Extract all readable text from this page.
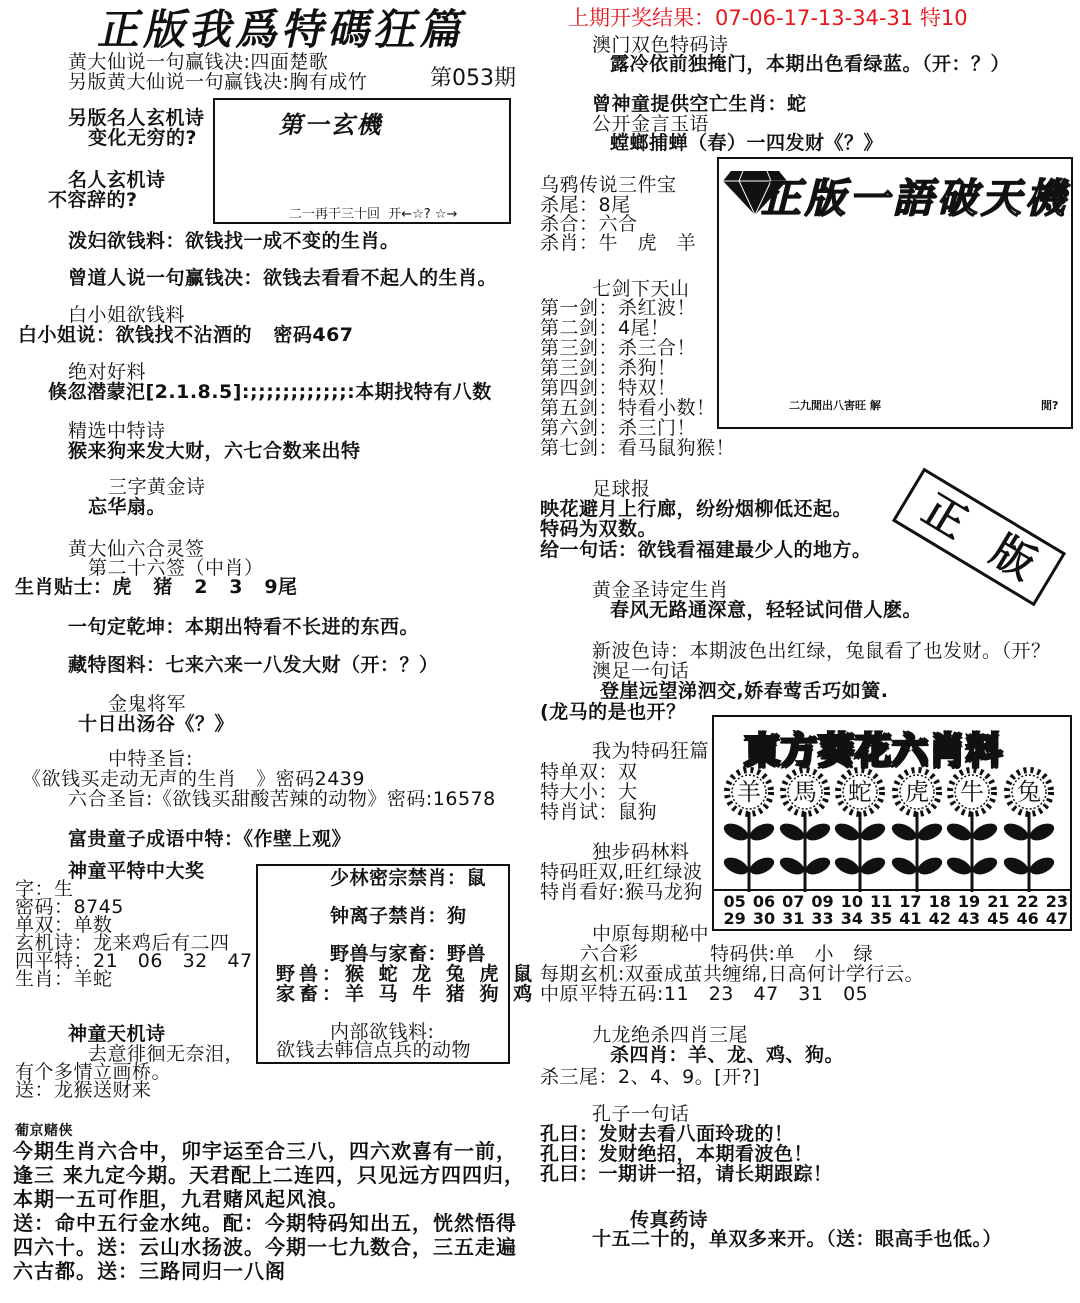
正版我爲特碼狂篇
第053期
上期开奖结果：07-06-17-13-34-31 特10
黄大仙说一句赢钱决:四面楚歌
另版黄大仙说一句赢钱决:胸有成竹
另版名人玄机诗
变化无穷的?
名人玄机诗
不容辞的?
第一玄機
二一再干三十回  开←☆? ☆→
泼妇欲钱料：欲钱找一成不变的生肖。
曾道人说一句赢钱决：欲钱去看看不起人的生肖。
白小姐欲钱料
白小姐说：欲钱找不沾酒的   密码467
绝对好料
倏忽潜蒙汜[2.1.8.5]:;;;;;;;;;;;;:本期找特有八数
精选中特诗
猴来狗来发大财，六七合数来出特
三字黄金诗
忘华扇。
黄大仙六合灵签
第二十六签（中肖）
生肖贴士：虎   猪   2   3   9尾
一句定乾坤：本期出特看不长进的东西。
藏特图料：七来六来一八发大财（开：？）
金鬼将军
十日出汤谷《？》
中特圣旨:
《欲钱买走动无声的生肖   》密码2439
六合圣旨:《欲钱买甜酸苦辣的动物》密码:16578
富贵童子成语中特：《作壁上观》
神童平特中大奖
字：生
密码：8745
单双：单数
玄机诗：龙来鸡后有二四
四平特：21   06   32   47
生肖：羊蛇
神童天机诗
去意徘徊无奈泪，
有个多情立画桥。
送：龙猴送财来
少林密宗禁肖：鼠
钟离子禁肖：狗
野兽与家畜：野兽
野兽：猴 蛇 龙 兔 虎 鼠
家畜：羊 马 牛 猪 狗 鸡
内部欲钱料:
欲钱去韩信点兵的动物
葡京赌侠
今期生肖六合中，卯宇运至合三八，四六欢喜有一前，
逢三 来九定今期。天君配上二连四，只见远方四四归，
本期一五可作胆，九君赌风起风浪。
送：命中五行金水纯。配：今期特码知出五，恍然悟得
四六十。送：云山水扬波。今期一七九数合，三五走遍
六古都。送：三路同归一八阁
澳门双色特码诗
露冷依前独掩门，本期出色看绿蓝。（开：？）
曾神童提供空亡生肖：蛇
公开金言玉语
螳螂捕蝉（春）一四发财《？》
乌鸦传说三件宝
杀尾：8尾
杀合：六合
杀肖：牛   虎   羊
七剑下天山
第一剑：杀红波！
第二剑：4尾！
第三剑：杀三合！
第三剑：杀狗！
第四剑：特双！
第五剑：特看小数！
第六剑：杀三门！
第七剑：看马鼠狗猴！
正版一語破天機
二九閒出八害旺 解	閒?
正
版
足球报
映花避月上行廊，纷纷烟柳低还起。
特码为双数。
给一句话：欲钱看福建最少人的地方。
黄金圣诗定生肖
春风无路通深意，轻轻试问借人麽。
新波色诗：本期波色出红绿，兔鼠看了也发财。（开？
澳足一句话
登崖远望涕泗交,娇春莺舌巧如簧.
(龙马的是也开？
我为特码狂篇
特单双：双
特大小：大
特肖试：鼠狗
独步码林料
特码旺双,旺红绿波
特肖看好:猴马龙狗
東方葵花六肖料
羊	馬	蛇	虎	牛	兔
05 06 07 09 10 11 17 18 19 21 22 23
29 30 31 33 34 35 41 42 43 45 46 47
中原每期秘中
六合彩	特码供:单   小   绿
每期玄机:双蚕成茧共缠绵,日高何计学行云。
中原平特五码:11   23   47   31   05
九龙绝杀四肖三尾
杀四肖：羊、龙、鸡、狗。
杀三尾：2、4、9。[开?]
孔子一句话
孔曰：发财去看八面玲珑的！
孔曰：发财绝招，本期看波色！
孔曰：一期讲一招，请长期跟踪！
传真药诗
十五二十的，单双多来开。（送：眼高手也低。）
